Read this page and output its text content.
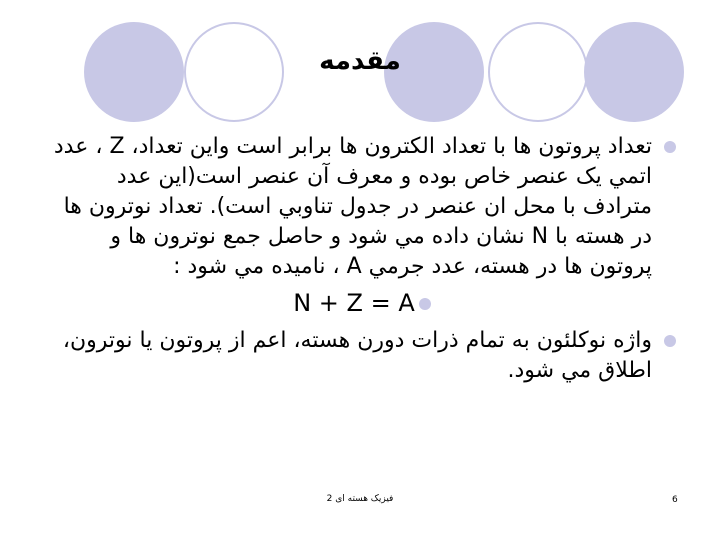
مقدمه
تعداد پروتون ها با تعداد الکترون ها برابر است واين تعداد، Z ، عدد اتمي يک عنصر خاص بوده و معرف آن عنصر است(اين عدد مترادف با محل ان عنصر در جدول تناوبي است). تعداد نوترون ها در هسته با N نشان داده مي شود و حاصل جمع نوترون ها و پروتون ها در هسته، عدد جرمي A ، ناميده مي شود :
N + Z = A
واژه نوکلئون به تمام ذرات دورن هسته، اعم از پروتون يا نوترون، اطلاق مي شود.
فيزيک هسته ای 2	6
